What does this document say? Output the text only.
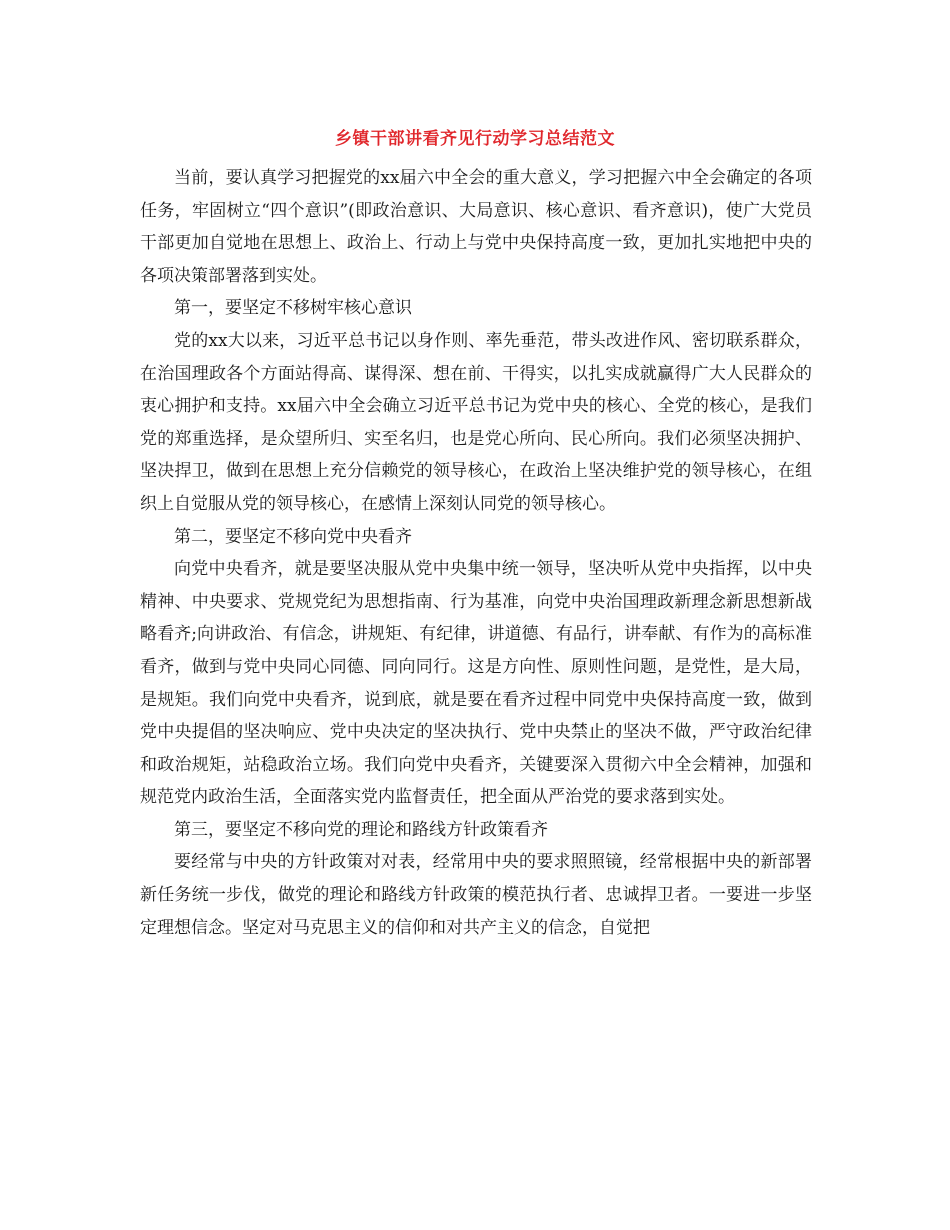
乡镇干部讲看齐见行动学习总结范文

当前，要认真学习把握党的xx届六中全会的重大意义，学习把握六中全会确定的各项任务，牢固树立“四个意识”(即政治意识、大局意识、核心意识、看齐意识)，使广大党员干部更加自觉地在思想上、政治上、行动上与党中央保持高度一致，更加扎实地把中央的各项决策部署落到实处。

第一，要坚定不移树牢核心意识

党的xx大以来，习近平总书记以身作则、率先垂范，带头改进作风、密切联系群众，在治国理政各个方面站得高、谋得深、想在前、干得实，以扎实成就赢得广大人民群众的衷心拥护和支持。xx届六中全会确立习近平总书记为党中央的核心、全党的核心，是我们党的郑重选择，是众望所归、实至名归，也是党心所向、民心所向。我们必须坚决拥护、坚决捍卫，做到在思想上充分信赖党的领导核心，在政治上坚决维护党的领导核心，在组织上自觉服从党的领导核心，在感情上深刻认同党的领导核心。

第二，要坚定不移向党中央看齐

向党中央看齐，就是要坚决服从党中央集中统一领导，坚决听从党中央指挥，以中央精神、中央要求、党规党纪为思想指南、行为基准，向党中央治国理政新理念新思想新战略看齐;向讲政治、有信念，讲规矩、有纪律，讲道德、有品行，讲奉献、有作为的高标准看齐，做到与党中央同心同德、同向同行。这是方向性、原则性问题，是党性，是大局，是规矩。我们向党中央看齐，说到底，就是要在看齐过程中同党中央保持高度一致，做到党中央提倡的坚决响应、党中央决定的坚决执行、党中央禁止的坚决不做，严守政治纪律和政治规矩，站稳政治立场。我们向党中央看齐，关键要深入贯彻六中全会精神，加强和规范党内政治生活，全面落实党内监督责任，把全面从严治党的要求落到实处。

第三，要坚定不移向党的理论和路线方针政策看齐

要经常与中央的方针政策对对表，经常用中央的要求照照镜，经常根据中央的新部署新任务统一步伐，做党的理论和路线方针政策的模范执行者、忠诚捍卫者。一要进一步坚定理想信念。坚定对马克思主义的信仰和对共产主义的信念，自觉把
